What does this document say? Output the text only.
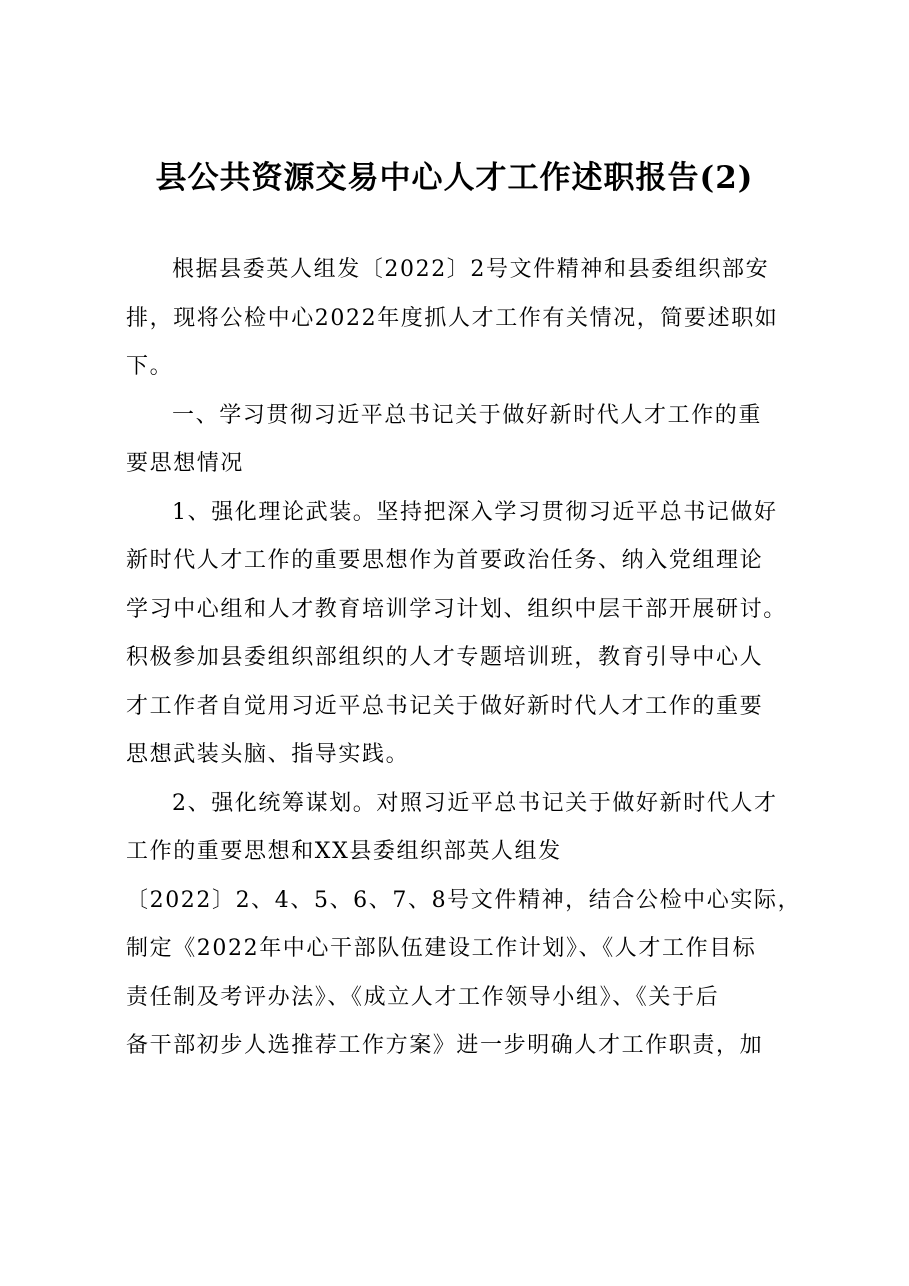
县公共资源交易中心人才工作述职报告(2)
根据县委英人组发〔2022〕2号文件精神和县委组织部安
排，现将公检中心2022年度抓人才工作有关情况，简要述职如
下。
一、学习贯彻习近平总书记关于做好新时代人才工作的重
要思想情况
1、强化理论武装。坚持把深入学习贯彻习近平总书记做好
新时代人才工作的重要思想作为首要政治任务、纳入党组理论
学习中心组和人才教育培训学习计划、组织中层干部开展研讨。
积极参加县委组织部组织的人才专题培训班，教育引导中心人
才工作者自觉用习近平总书记关于做好新时代人才工作的重要
思想武装头脑、指导实践。
2、强化统筹谋划。对照习近平总书记关于做好新时代人才
工作的重要思想和XX县委组织部英人组发
〔2022〕2、4、5、6、7、8号文件精神，结合公检中心实际，
制定《2022年中心干部队伍建设工作计划》、《人才工作目标
责任制及考评办法》、《成立人才工作领导小组》、《关于后
备干部初步人选推荐工作方案》进一步明确人才工作职责，加
